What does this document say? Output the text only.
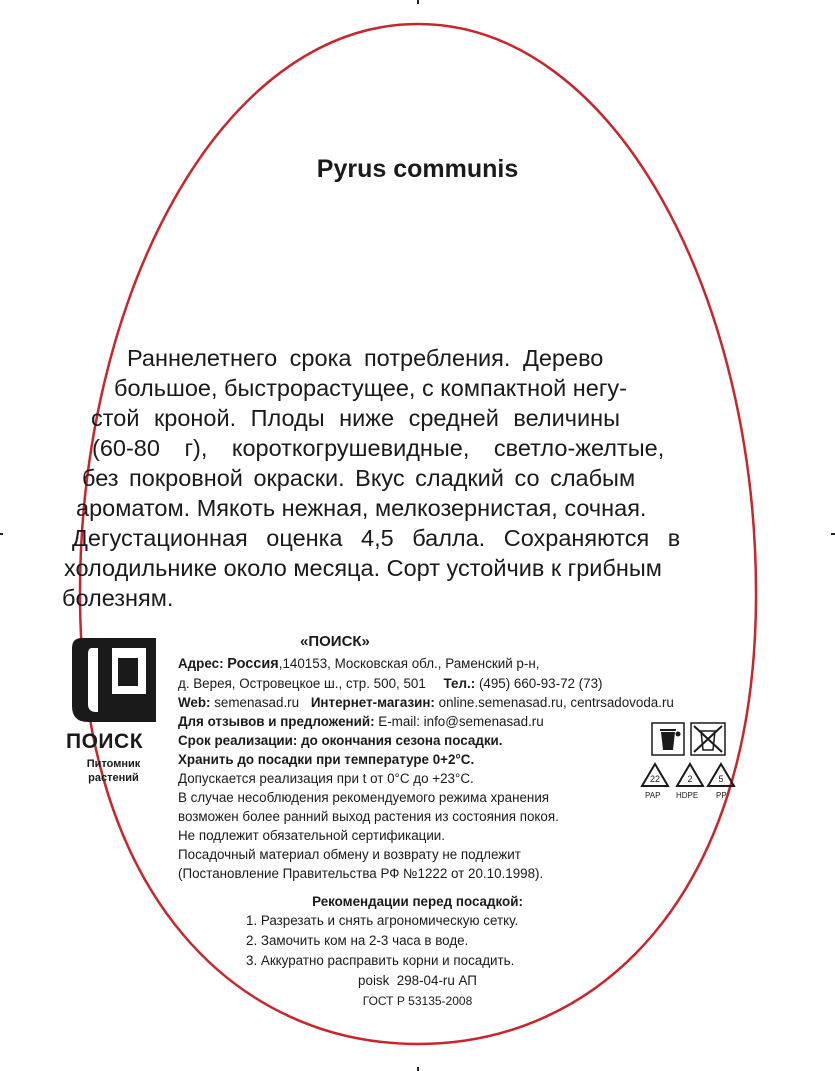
Pyrus communis
Раннелетнего срока потребления. Дерево
большое, быстрорастущее, с компактной негу-
стой кроной. Плоды ниже средней величины
(60-80 г), короткогрушевидные, светло-желтые,
без покровной окраски. Вкус сладкий со слабым
ароматом. Мякоть нежная, мелкозернистая, сочная.
Дегустационная оценка 4,5 балла. Сохраняются в
холодильнике около месяца. Сорт устойчив к грибным
болезням.
ПОИСК
Питомник
растений
«ПОИСК»
Адрес: Россия,140153, Московская обл., Раменский р-н,
д. Верея, Островецкое ш., стр. 500, 501 Тел.: (495) 660-93-72 (73)
Web: semenasad.ru Интернет-магазин: online.semenasad.ru, centrsadovoda.ru
Для отзывов и предложений: E-mail: info@semenasad.ru
Срок реализации: до окончания сезона посадки.
Хранить до посадки при температуре 0+2°С.
Допускается реализация при t от 0°С до +23°С.
В случае несоблюдения рекомендуемого режима хранения
возможен более ранний выход растения из состояния покоя.
Не подлежит обязательной сертификации.
Посадочный материал обмену и возврату не подлежит
(Постановление Правительства РФ №1222 от 20.10.1998).
22
PAP
2
HDPE
5
PP
Рекомендации перед посадкой:
1. Разрезать и снять агрономическую сетку.
2. Замочить ком на 2-3 часа в воде.
3. Аккуратно расправить корни и посадить.
poisk  298-04-ru АП
ГОСТ Р 53135-2008
